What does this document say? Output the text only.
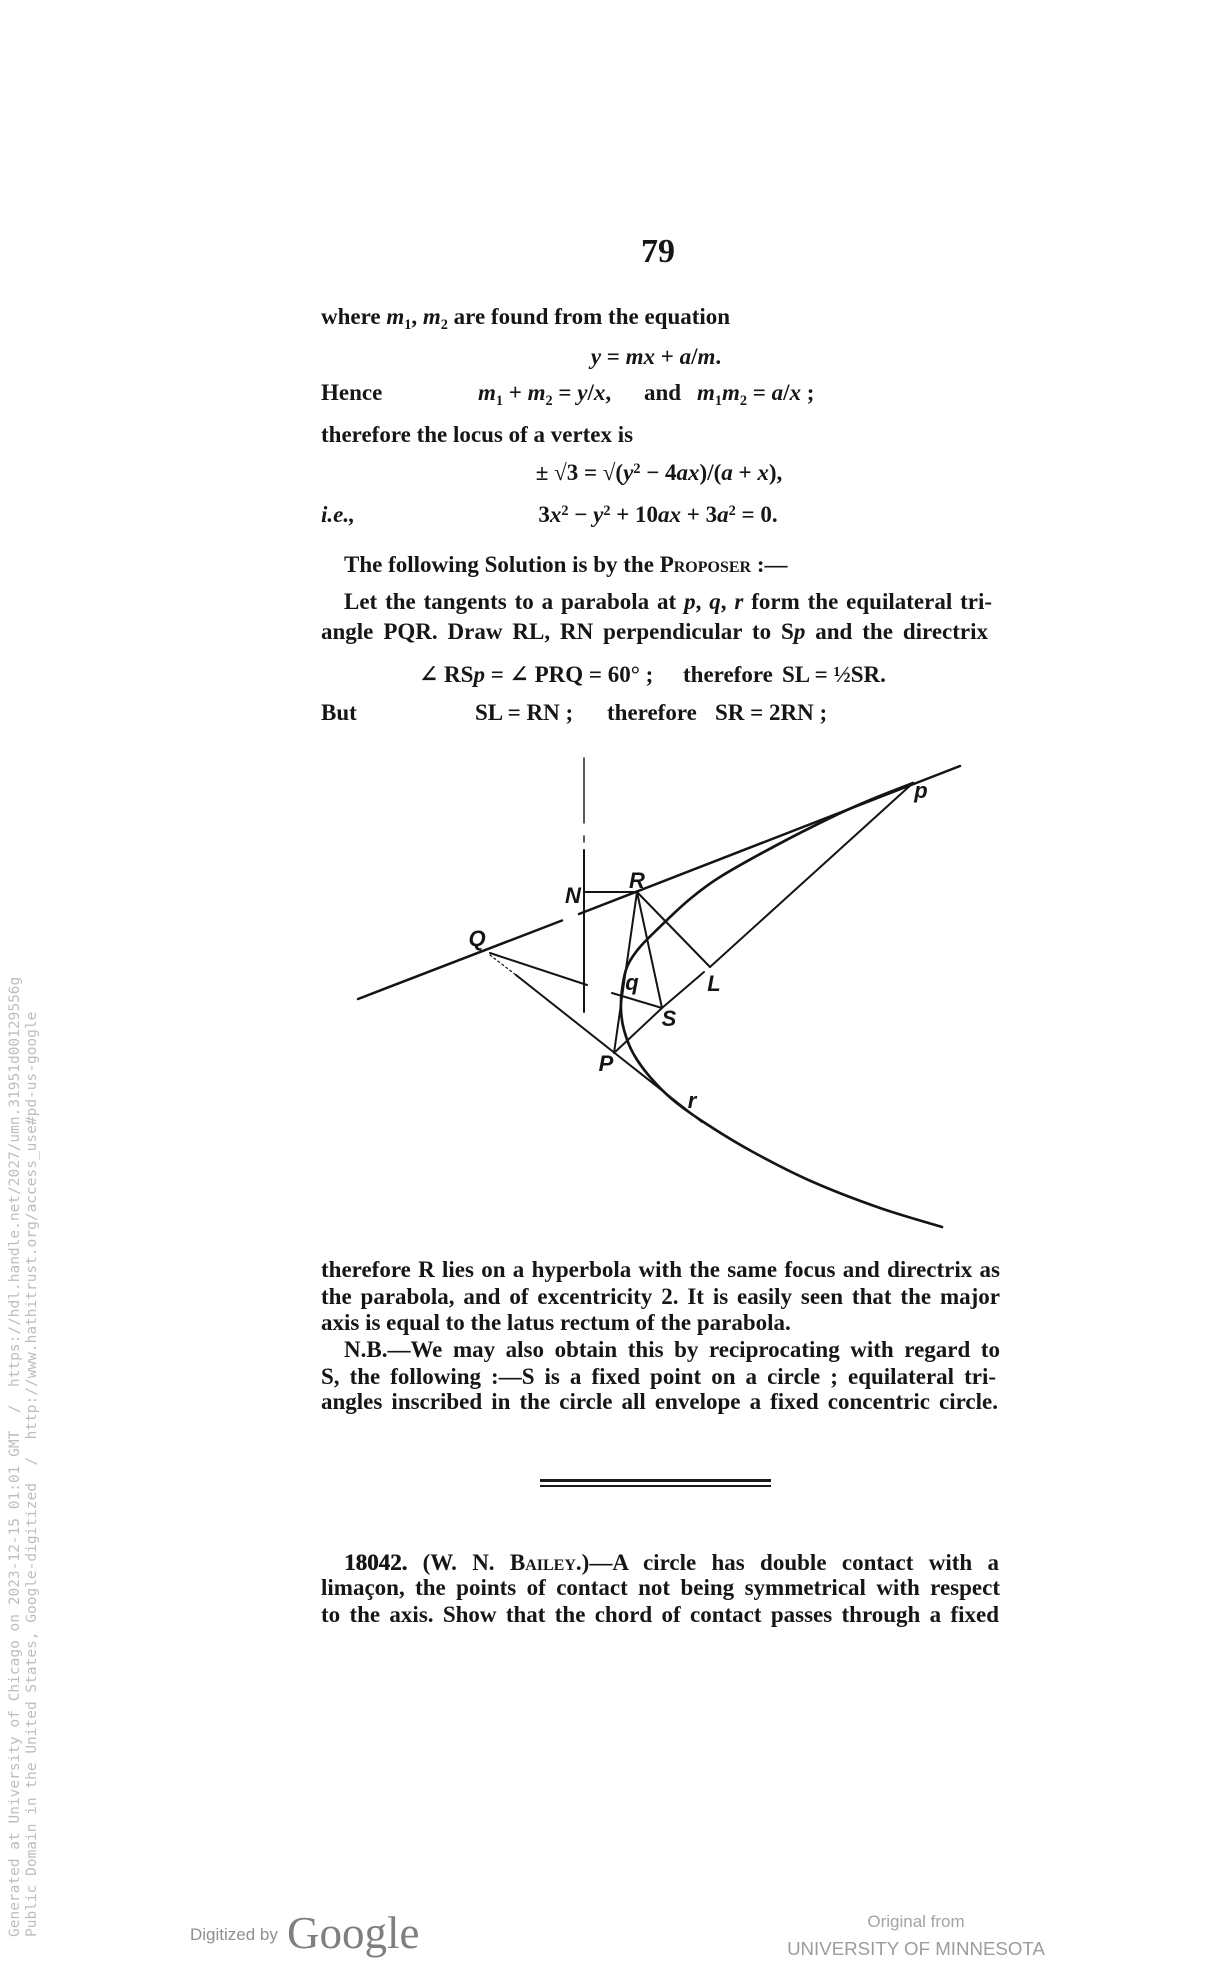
79
where m1, m2 are found from the equation
y = mx + a/m.
Hence	m1 + m2 = y/x, and m1m2 = a/x ;
therefore the locus of a vertex is
± $√3 = √(y^2 - 4ax)/(a + x)$,
i.e.,	$3x^2 - y^2 + 10ax + 3a^2 = 0$.
The following Solution is by the Proposer :—
Let the tangents to a parabola at p, q, r form the equilateral tri-
angle PQR. Draw RL, RN perpendicular to Sp and the directrix
∠ RSp = ∠ PRQ = 60° ; therefore SL = ½SR.
But	SL = RN ; therefore SR = 2RN ;
p
R
N
Q
q	L
S
P
r
therefore R lies on a hyperbola with the same focus and directrix as
the parabola, and of excentricity 2. It is easily seen that the major
axis is equal to the latus rectum of the parabola.
N.B.—We may also obtain this by reciprocating with regard to
S, the following :—S is a fixed point on a circle ; equilateral tri-
angles inscribed in the circle all envelope a fixed concentric circle.
18042. (W. N. Bailey.)—A circle has double contact with a
limaçon, the points of contact not being symmetrical with respect
to the axis. Show that the chord of contact passes through a fixed
Generated at University of Chicago on 2023-12-15 01:01 GMT  /  https://hdl.handle.net/2027/umn.31951d00129556g Public Domain in the United States, Google-digitized  /  http://www.hathitrust.org/access_use#pd-us-google	Digitized by Google	Original from
UNIVERSITY OF MINNESOTA
